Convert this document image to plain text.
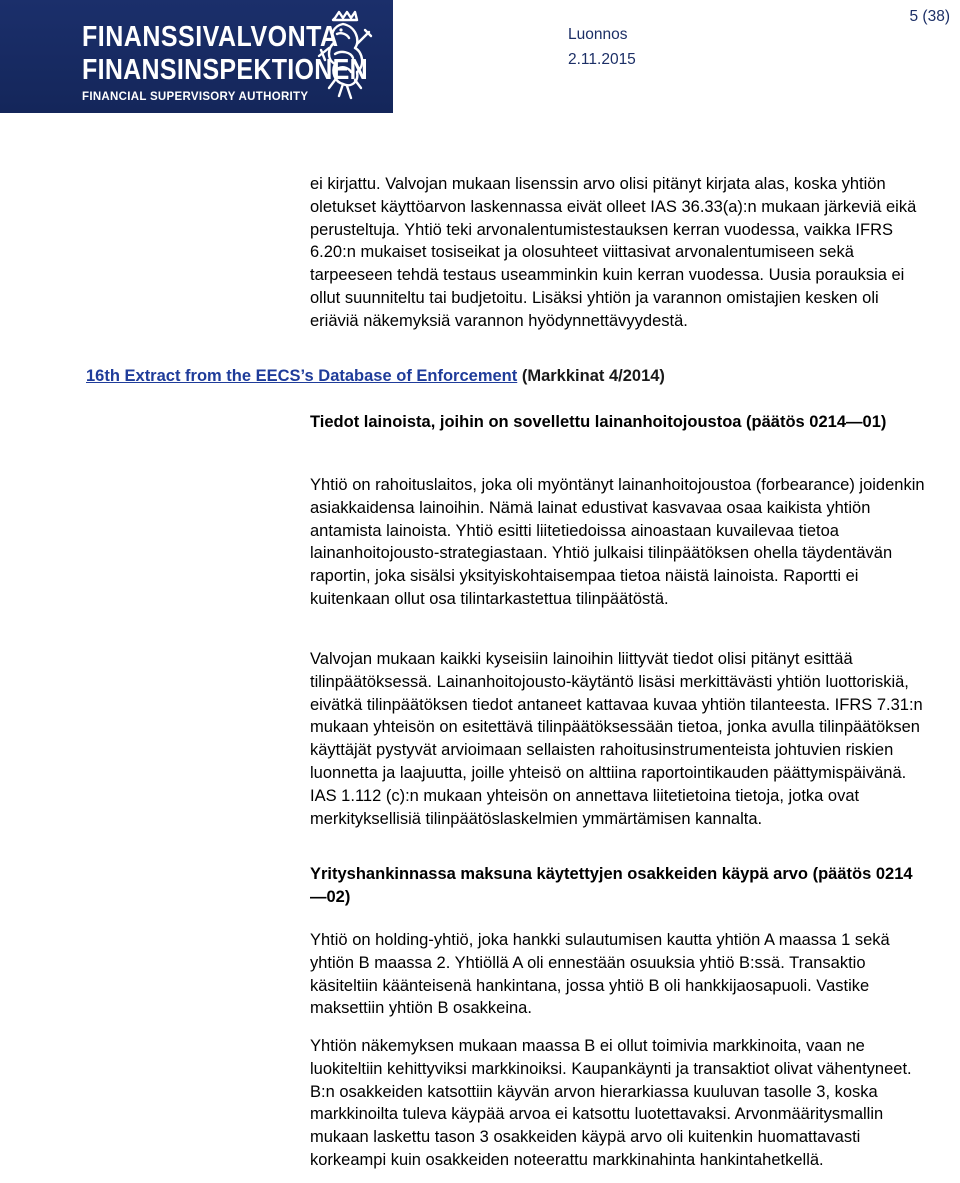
FINANSSIVALVONTA
FINANSINSPEKTIONEN
FINANCIAL SUPERVISORY AUTHORITY
Luonnos
2.11.2015
5 (38)

ei kirjattu. Valvojan mukaan lisenssin arvo olisi pitänyt kirjata alas, koska yhtiön oletukset käyttöarvon laskennassa eivät olleet IAS 36.33(a):n mukaan järkeviä eikä perusteltuja. Yhtiö teki arvonalentumistestauksen kerran vuodessa, vaikka IFRS 6.20:n mukaiset tosiseikat ja olosuhteet viittasivat arvonalentumiseen sekä tarpeeseen tehdä testaus useamminkin kuin kerran vuodessa. Uusia porauksia ei ollut suunniteltu tai budjetoitu. Lisäksi yhtiön ja varannon omistajien kesken oli eriäviä näkemyksiä varannon hyödynnettävyydestä.

16th Extract from the EECS’s Database of Enforcement (Markkinat 4/2014)

Tiedot lainoista, joihin on sovellettu lainanhoitojoustoa (päätös 0214—01)

Yhtiö on rahoituslaitos, joka oli myöntänyt lainanhoitojoustoa (forbearance) joidenkin asiakkaidensa lainoihin. Nämä lainat edustivat kasvavaa osaa kaikista yhtiön antamista lainoista. Yhtiö esitti liitetiedoissa ainoastaan kuvailevaa tietoa lainanhoitojousto-strategiastaan. Yhtiö julkaisi tilinpäätöksen ohella täydentävän raportin, joka sisälsi yksityiskohtaisempaa tietoa näistä lainoista. Raportti ei kuitenkaan ollut osa tilintarkastettua tilinpäätöstä.

Valvojan mukaan kaikki kyseisiin lainoihin liittyvät tiedot olisi pitänyt esittää tilinpäätöksessä. Lainanhoitojousto-käytäntö lisäsi merkittävästi yhtiön luottoriskiä, eivätkä tilinpäätöksen tiedot antaneet kattavaa kuvaa yhtiön tilanteesta. IFRS 7.31:n mukaan yhteisön on esitettävä tilinpäätöksessään tietoa, jonka avulla tilinpäätöksen käyttäjät pystyvät arvioimaan sellaisten rahoitusinstrumenteista johtuvien riskien luonnetta ja laajuutta, joille yhteisö on alttiina raportointikauden päättymispäivänä. IAS 1.112 (c):n mukaan yhteisön on annettava liitetietoina tietoja, jotka ovat merkityksellisiä tilinpäätöslaskelmien ymmärtämisen kannalta.

Yrityshankinnassa maksuna käytettyjen osakkeiden käypä arvo (päätös 0214—02)

Yhtiö on holding-yhtiö, joka hankki sulautumisen kautta yhtiön A maassa 1 sekä yhtiön B maassa 2. Yhtiöllä A oli ennestään osuuksia yhtiö B:ssä. Transaktio käsiteltiin käänteisenä hankintana, jossa yhtiö B oli hankkijaosapuoli. Vastike maksettiin yhtiön B osakkeina.

Yhtiön näkemyksen mukaan maassa B ei ollut toimivia markkinoita, vaan ne luokiteltiin kehittyviksi markkinoiksi. Kaupankäynti ja transaktiot olivat vähentyneet. B:n osakkeiden katsottiin käyvän arvon hierarkiassa kuuluvan tasolle 3, koska markkinoilta tuleva käypää arvoa ei katsottu luotettavaksi. Arvonmääritysmallin mukaan laskettu tason 3 osakkeiden käypä arvo oli kuitenkin huomattavasti korkeampi kuin osakkeiden noteerattu markkinahinta hankintahetkellä.
